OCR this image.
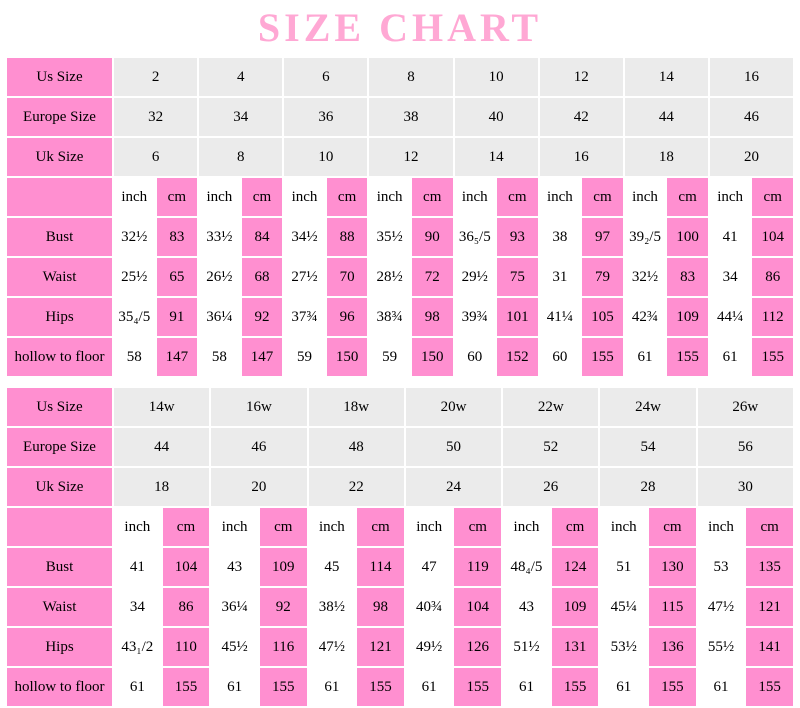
SIZE CHART
Us Size	2		4		6		8		10		12		14		16	
Europe Size	32		34		36		38		40		42		44		46	
Uk Size	6		8		10		12		14		16		18		20	
	inch	cm	inch	cm	inch	cm	inch	cm	inch	cm	inch	cm	inch	cm	inch	cm
Bust	32½	83	33½	84	34½	88	35½	90	36₅/5	93	38	97	39₂/5	100	41	104
Waist	25½	65	26½	68	27½	70	28½	72	29½	75	31	79	32½	83	34	86
Hips	35₄/5	91	36¼	92	37¾	96	38¾	98	39¾	101	41¼	105	42¾	109	44¼	112
hollow to floor	58	147	58	147	59	150	59	150	60	152	60	155	61	155	61	155
Us Size	14w		16w		18w		20w		22w		24w		26w	
Europe Size	44		46		48		50		52		54		56	
Uk Size	18		20		22		24		26		28		30	
	inch	cm	inch	cm	inch	cm	inch	cm	inch	cm	inch	cm	inch	cm
Bust	41	104	43	109	45	114	47	119	48₄/5	124	51	130	53	135
Waist	34	86	36¼	92	38½	98	40¾	104	43	109	45¼	115	47½	121
Hips	43₁/2	110	45½	116	47½	121	49½	126	51½	131	53½	136	55½	141
hollow to floor	61	155	61	155	61	155	61	155	61	155	61	155	61	155
